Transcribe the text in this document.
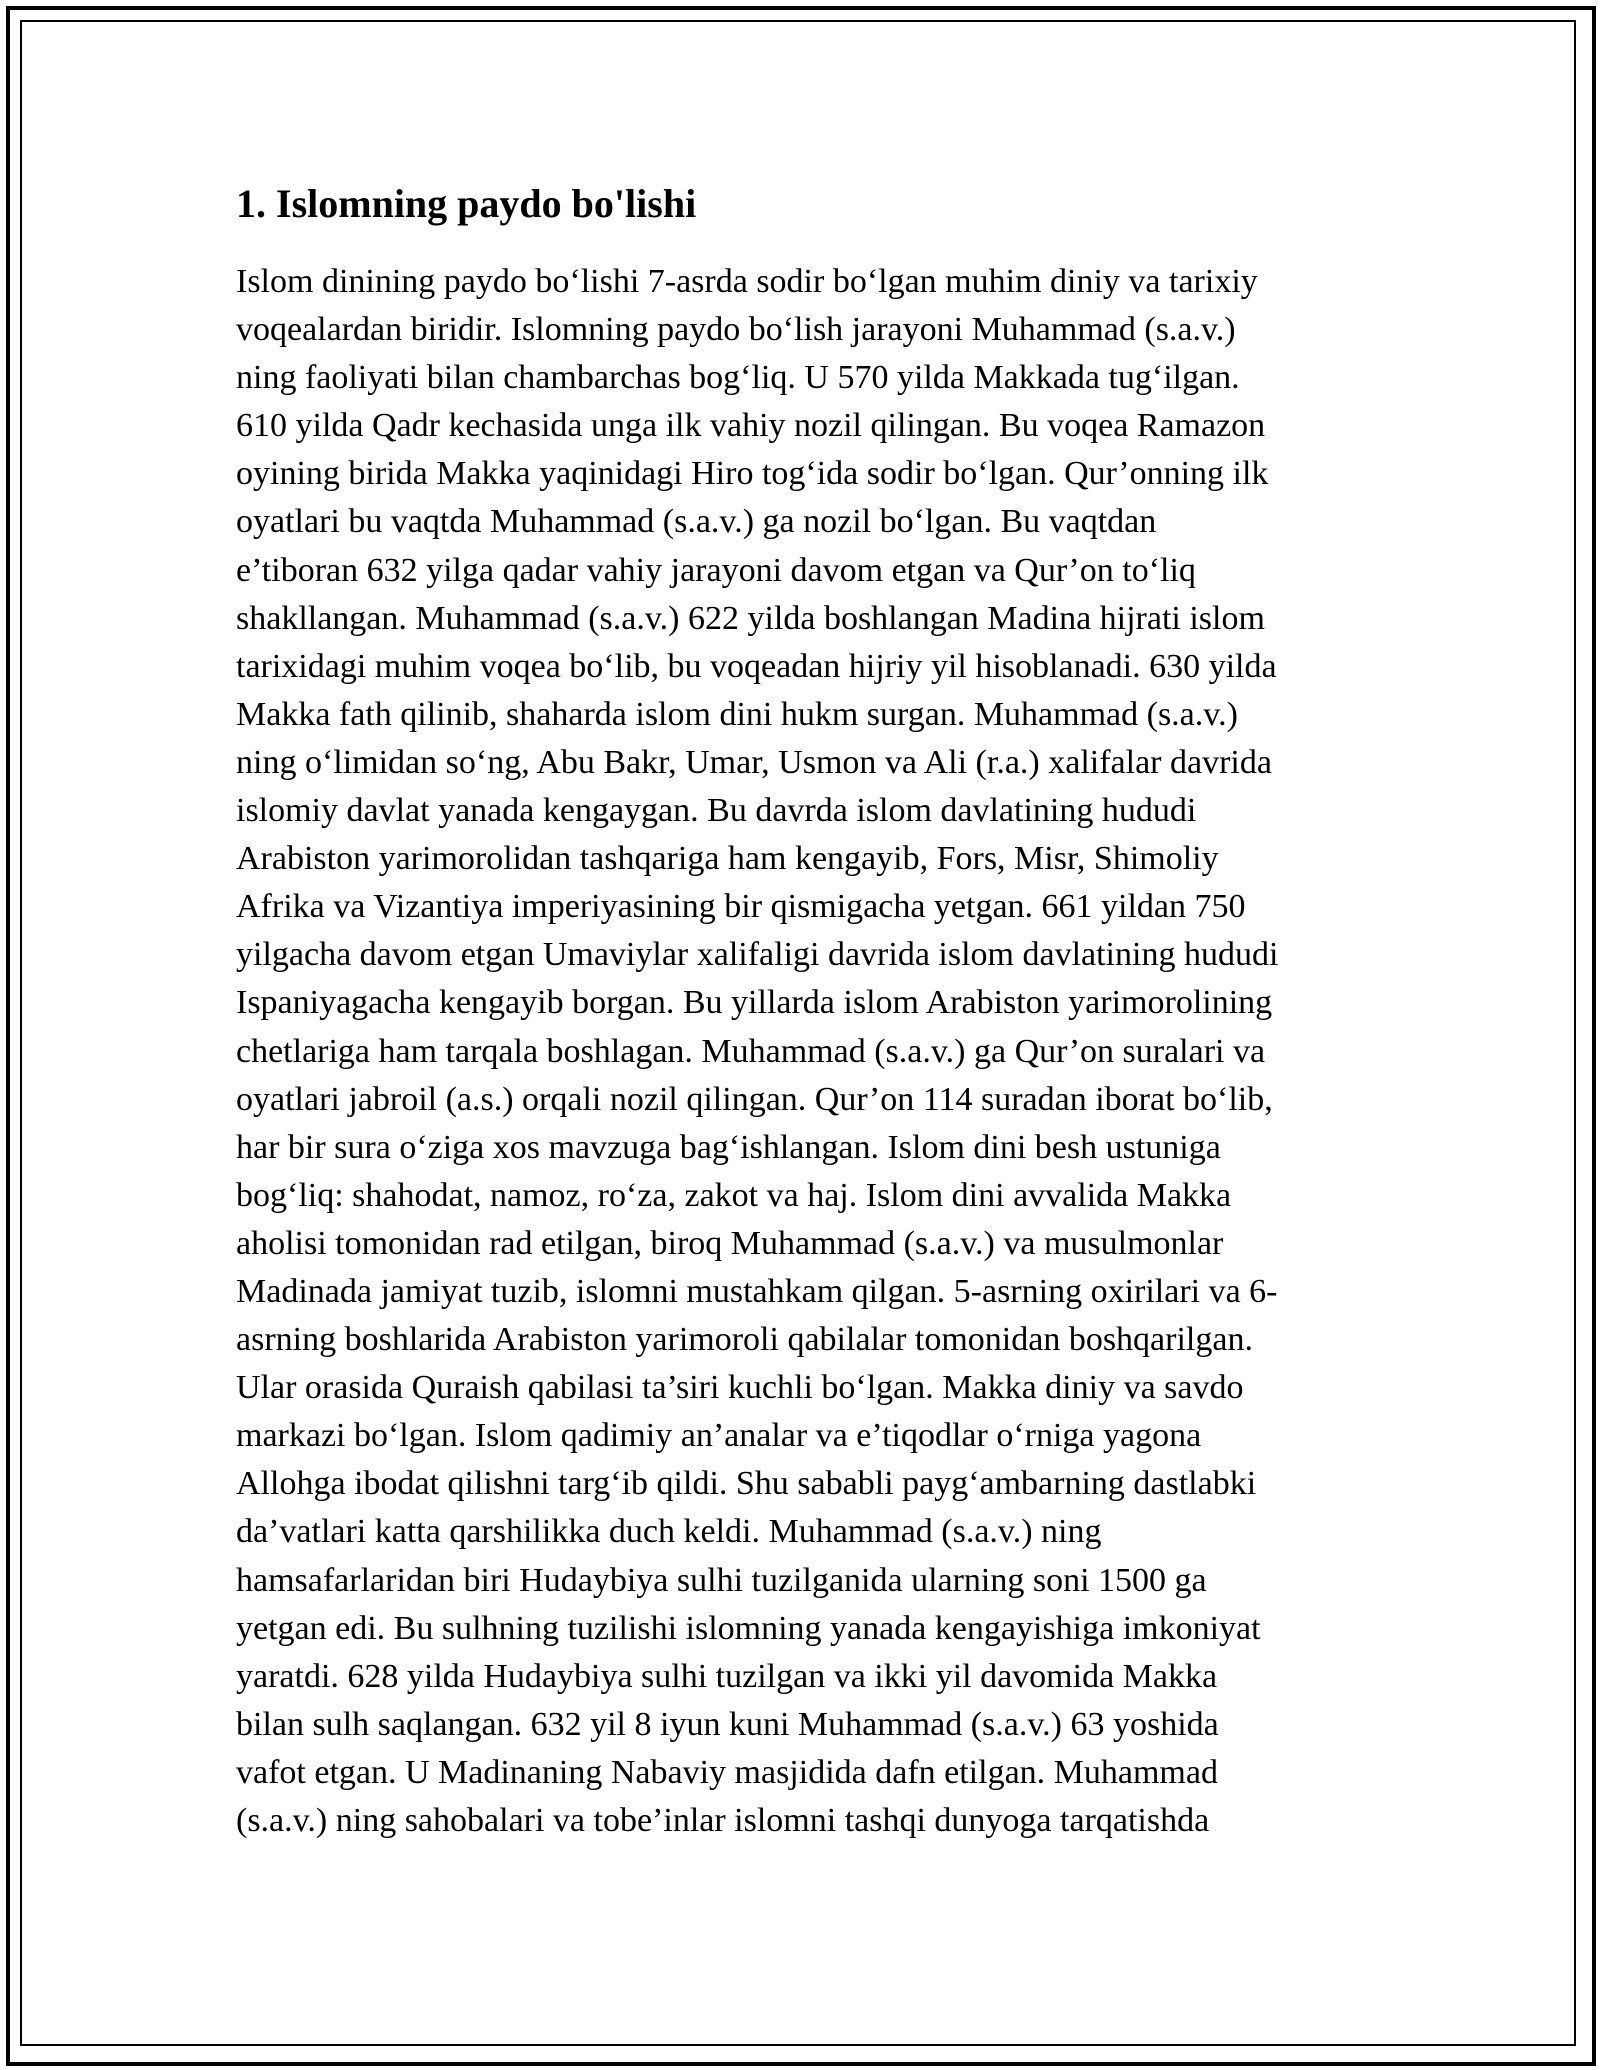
1. Islomning paydo bo'lishi
Islom dinining paydo bo‘lishi 7-asrda sodir bo‘lgan muhim diniy va tarixiy
voqealardan biridir. Islomning paydo bo‘lish jarayoni Muhammad (s.a.v.)
ning faoliyati bilan chambarchas bog‘liq. U 570 yilda Makkada tug‘ilgan.
610 yilda Qadr kechasida unga ilk vahiy nozil qilingan. Bu voqea Ramazon
oyining birida Makka yaqinidagi Hiro tog‘ida sodir bo‘lgan. Qur’onning ilk
oyatlari bu vaqtda Muhammad (s.a.v.) ga nozil bo‘lgan. Bu vaqtdan
e’tiboran 632 yilga qadar vahiy jarayoni davom etgan va Qur’on to‘liq
shakllangan. Muhammad (s.a.v.) 622 yilda boshlangan Madina hijrati islom
tarixidagi muhim voqea bo‘lib, bu voqeadan hijriy yil hisoblanadi. 630 yilda
Makka fath qilinib, shaharda islom dini hukm surgan. Muhammad (s.a.v.)
ning o‘limidan so‘ng, Abu Bakr, Umar, Usmon va Ali (r.a.) xalifalar davrida
islomiy davlat yanada kengaygan. Bu davrda islom davlatining hududi
Arabiston yarimorolidan tashqariga ham kengayib, Fors, Misr, Shimoliy
Afrika va Vizantiya imperiyasining bir qismigacha yetgan. 661 yildan 750
yilgacha davom etgan Umaviylar xalifaligi davrida islom davlatining hududi
Ispaniyagacha kengayib borgan. Bu yillarda islom Arabiston yarimorolining
chetlariga ham tarqala boshlagan. Muhammad (s.a.v.) ga Qur’on suralari va
oyatlari jabroil (a.s.) orqali nozil qilingan. Qur’on 114 suradan iborat bo‘lib,
har bir sura o‘ziga xos mavzuga bag‘ishlangan. Islom dini besh ustuniga
bog‘liq: shahodat, namoz, ro‘za, zakot va haj. Islom dini avvalida Makka
aholisi tomonidan rad etilgan, biroq Muhammad (s.a.v.) va musulmonlar
Madinada jamiyat tuzib, islomni mustahkam qilgan. 5-asrning oxirilari va 6-
asrning boshlarida Arabiston yarimoroli qabilalar tomonidan boshqarilgan.
Ular orasida Quraish qabilasi ta’siri kuchli bo‘lgan. Makka diniy va savdo
markazi bo‘lgan. Islom qadimiy an’analar va e’tiqodlar o‘rniga yagona
Allohga ibodat qilishni targ‘ib qildi. Shu sababli payg‘ambarning dastlabki
da’vatlari katta qarshilikka duch keldi. Muhammad (s.a.v.) ning
hamsafarlaridan biri Hudaybiya sulhi tuzilganida ularning soni 1500 ga
yetgan edi. Bu sulhning tuzilishi islomning yanada kengayishiga imkoniyat
yaratdi. 628 yilda Hudaybiya sulhi tuzilgan va ikki yil davomida Makka
bilan sulh saqlangan. 632 yil 8 iyun kuni Muhammad (s.a.v.) 63 yoshida
vafot etgan. U Madinaning Nabaviy masjidida dafn etilgan. Muhammad
(s.a.v.) ning sahobalari va tobe’inlar islomni tashqi dunyoga tarqatishda
